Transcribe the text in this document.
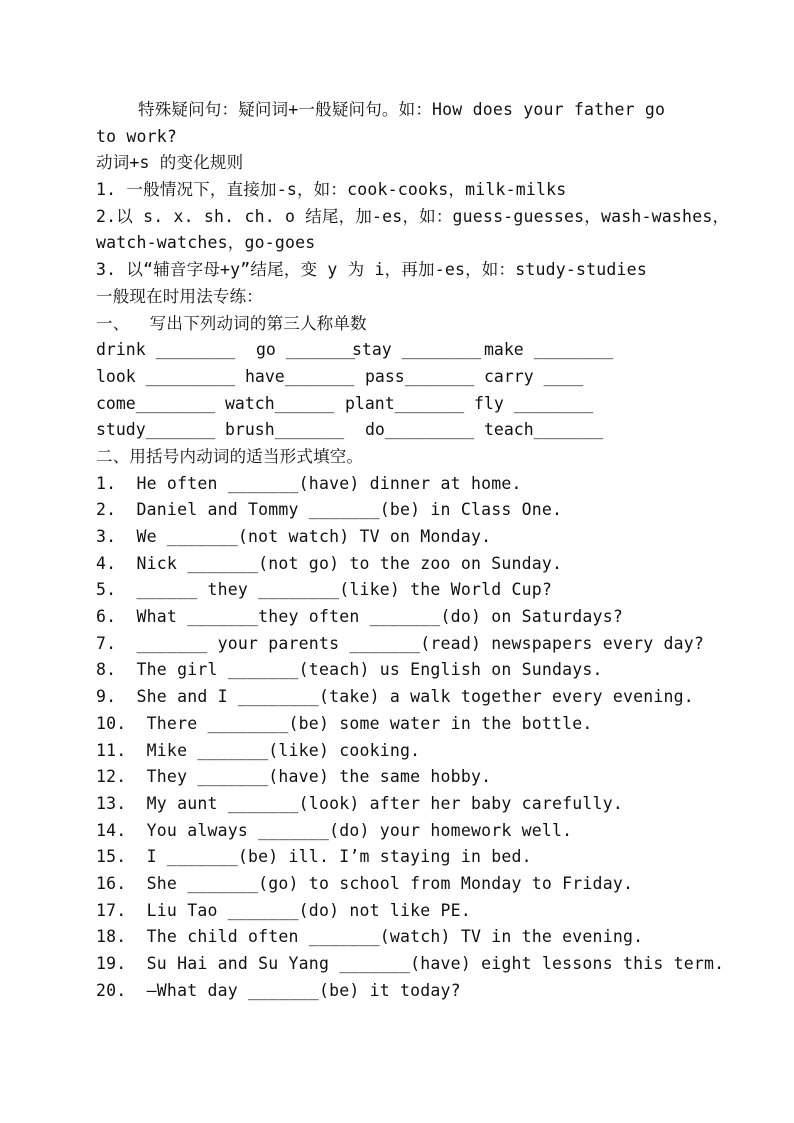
特殊疑问句：疑问词+一般疑问句。如：How does your father go
to work?
动词+s 的变化规则
1. 一般情况下，直接加-s，如：cook-cooks，milk-milks
2.以 s. x. sh. ch. o 结尾，加-es，如：guess-guesses，wash-washes，
watch-watches，go-goes
3. 以“辅音字母+y”结尾，变 y 为 i，再加-es，如：study-studies
一般现在时用法专练：
一、  写出下列动词的第三人称单数
drink ________	go _______
stay ________ make ________
look _________ have_______ pass_______ carry ____
come________ watch______ plant_______ fly ________
study_______ brush_______	do_________ teach_______
二、用括号内动词的适当形式填空。
1.  He often _______(have) dinner at home.
2.  Daniel and Tommy _______(be) in Class One.
3.  We _______(not watch) TV on Monday.
4.  Nick _______(not go) to the zoo on Sunday.
5.  ______ they ________(like) the World Cup?
6.  What _______they often _______(do) on Saturdays?
7.  _______ your parents _______(read) newspapers every day?
8.  The girl _______(teach) us English on Sundays.
9.  She and I ________(take) a walk together every evening.
10.  There ________(be) some water in the bottle.
11.  Mike _______(like) cooking.
12.  They _______(have) the same hobby.
13.  My aunt _______(look) after her baby carefully.
14.  You always _______(do) your homework well.
15.  I _______(be) ill. I’m staying in bed.
16.  She _______(go) to school from Monday to Friday.
17.  Liu Tao _______(do) not like PE.
18.  The child often _______(watch) TV in the evening.
19.  Su Hai and Su Yang _______(have) eight lessons this term.
20.  —What day _______(be) it today?
